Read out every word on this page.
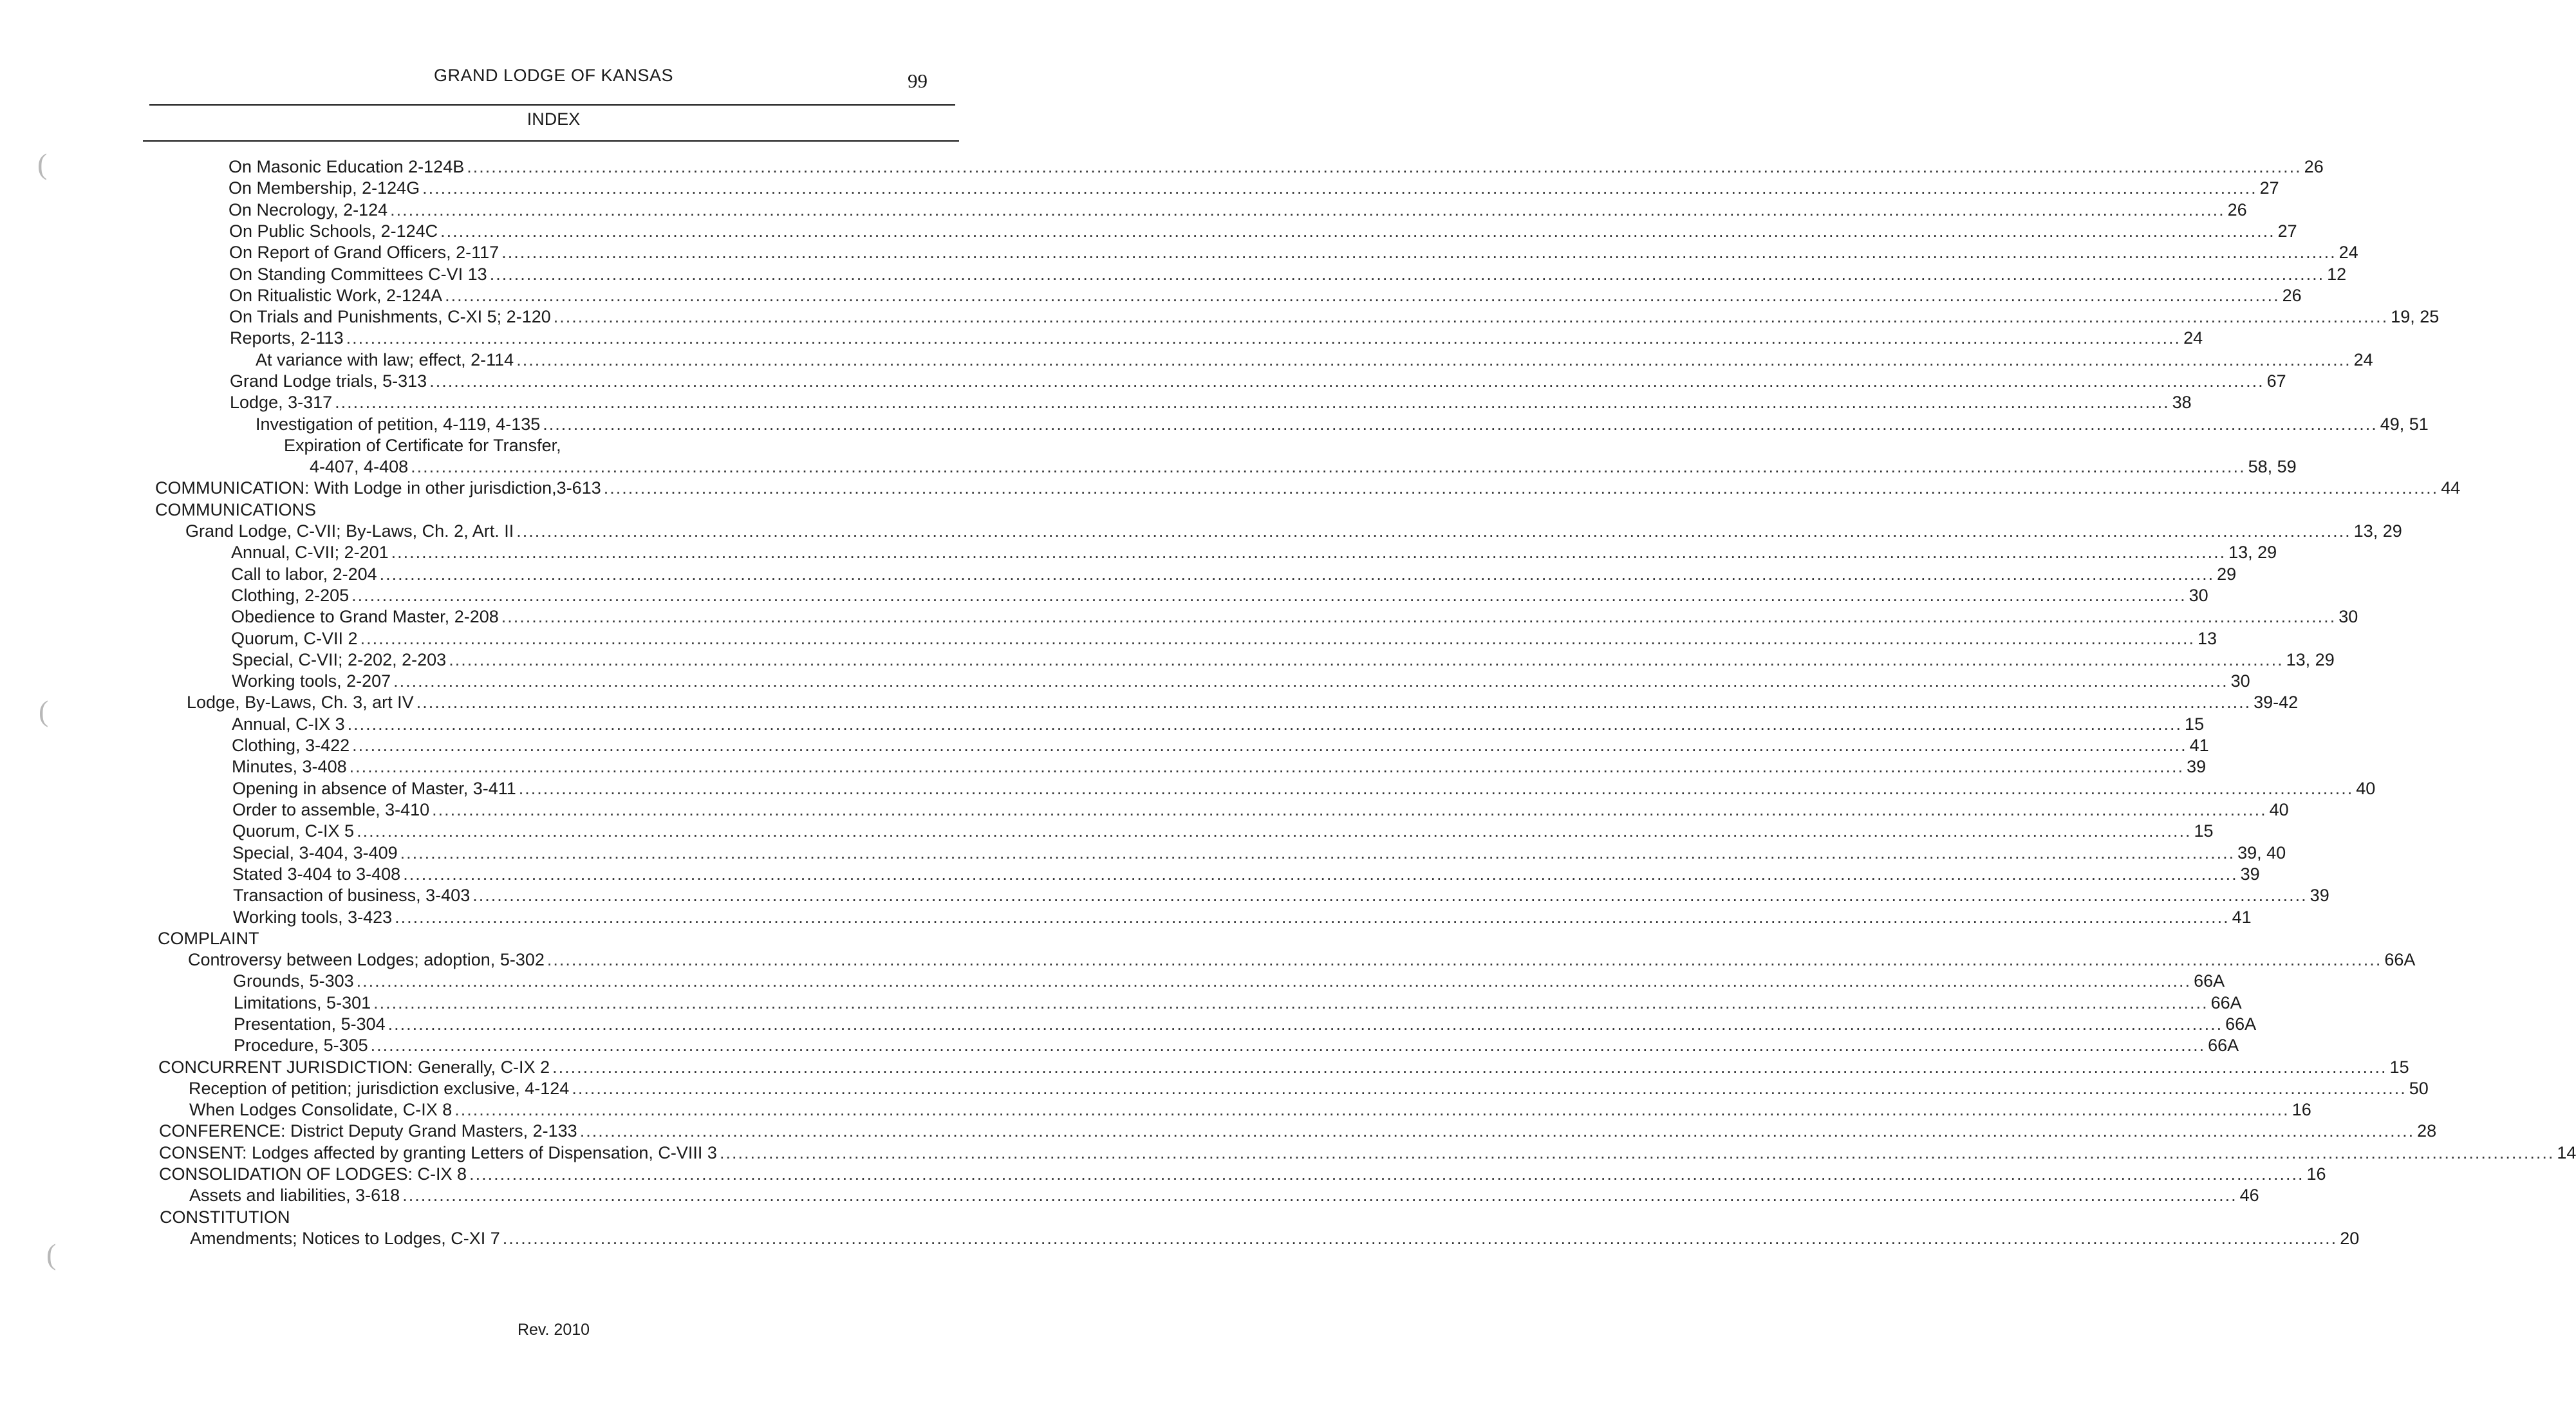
(
(
(
GRAND LODGE OF KANSAS	99
INDEX
On Masonic Education 2-124B ............................................................................................................................................................................................................................................................................................................ 26
On Membership, 2-124G ............................................................................................................................................................................................................................................................................................................ 27
On Necrology, 2-124 ............................................................................................................................................................................................................................................................................................................ 26
On Public Schools, 2-124C ............................................................................................................................................................................................................................................................................................................ 27
On Report of Grand Officers, 2-117 ............................................................................................................................................................................................................................................................................................................ 24
On Standing Committees C-VI 13 ............................................................................................................................................................................................................................................................................................................ 12
On Ritualistic Work, 2-124A ............................................................................................................................................................................................................................................................................................................ 26
On Trials and Punishments, C-XI 5; 2-120 ............................................................................................................................................................................................................................................................................................................ 19, 25
Reports, 2-113 ............................................................................................................................................................................................................................................................................................................ 24
At variance with law; effect, 2-114 ............................................................................................................................................................................................................................................................................................................ 24
Grand Lodge trials, 5-313 ............................................................................................................................................................................................................................................................................................................ 67
Lodge, 3-317 ............................................................................................................................................................................................................................................................................................................ 38
Investigation of petition, 4-119, 4-135 ............................................................................................................................................................................................................................................................................................................ 49, 51
Expiration of Certificate for Transfer,
4-407, 4-408 ............................................................................................................................................................................................................................................................................................................ 58, 59
COMMUNICATION: With Lodge in other jurisdiction,3-613 ............................................................................................................................................................................................................................................................................................................ 44
COMMUNICATIONS
Grand Lodge, C-VII; By-Laws, Ch. 2, Art. II ............................................................................................................................................................................................................................................................................................................ 13, 29
Annual, C-VII; 2-201 ............................................................................................................................................................................................................................................................................................................ 13, 29
Call to labor, 2-204 ............................................................................................................................................................................................................................................................................................................ 29
Clothing, 2-205 ............................................................................................................................................................................................................................................................................................................ 30
Obedience to Grand Master, 2-208 ............................................................................................................................................................................................................................................................................................................ 30
Quorum, C-VII 2 ............................................................................................................................................................................................................................................................................................................ 13
Special, C-VII; 2-202, 2-203 ............................................................................................................................................................................................................................................................................................................ 13, 29
Working tools, 2-207 ............................................................................................................................................................................................................................................................................................................ 30
Lodge, By-Laws, Ch. 3, art IV ............................................................................................................................................................................................................................................................................................................ 39-42
Annual, C-IX 3 ............................................................................................................................................................................................................................................................................................................ 15
Clothing, 3-422 ............................................................................................................................................................................................................................................................................................................ 41
Minutes, 3-408 ............................................................................................................................................................................................................................................................................................................ 39
Opening in absence of Master, 3-411 ............................................................................................................................................................................................................................................................................................................ 40
Order to assemble, 3-410 ............................................................................................................................................................................................................................................................................................................ 40
Quorum, C-IX 5 ............................................................................................................................................................................................................................................................................................................ 15
Special, 3-404, 3-409 ............................................................................................................................................................................................................................................................................................................ 39, 40
Stated 3-404 to 3-408 ............................................................................................................................................................................................................................................................................................................ 39
Transaction of business, 3-403 ............................................................................................................................................................................................................................................................................................................ 39
Working tools, 3-423 ............................................................................................................................................................................................................................................................................................................ 41
COMPLAINT
Controversy between Lodges; adoption, 5-302 ............................................................................................................................................................................................................................................................................................................ 66A
Grounds, 5-303 ............................................................................................................................................................................................................................................................................................................ 66A
Limitations, 5-301 ............................................................................................................................................................................................................................................................................................................ 66A
Presentation, 5-304 ............................................................................................................................................................................................................................................................................................................ 66A
Procedure, 5-305 ............................................................................................................................................................................................................................................................................................................ 66A
CONCURRENT JURISDICTION: Generally, C-IX 2 ............................................................................................................................................................................................................................................................................................................ 15
Reception of petition; jurisdiction exclusive, 4-124 ............................................................................................................................................................................................................................................................................................................ 50
When Lodges Consolidate, C-IX 8 ............................................................................................................................................................................................................................................................................................................ 16
CONFERENCE: District Deputy Grand Masters, 2-133 ............................................................................................................................................................................................................................................................................................................ 28
CONSENT: Lodges affected by granting Letters of Dispensation, C-VIII 3 ............................................................................................................................................................................................................................................................................................................ 14
CONSOLIDATION OF LODGES: C-IX 8 ............................................................................................................................................................................................................................................................................................................ 16
Assets and liabilities, 3-618 ............................................................................................................................................................................................................................................................................................................ 46
CONSTITUTION
Amendments; Notices to Lodges, C-XI 7 ............................................................................................................................................................................................................................................................................................................ 20
Rev. 2010
